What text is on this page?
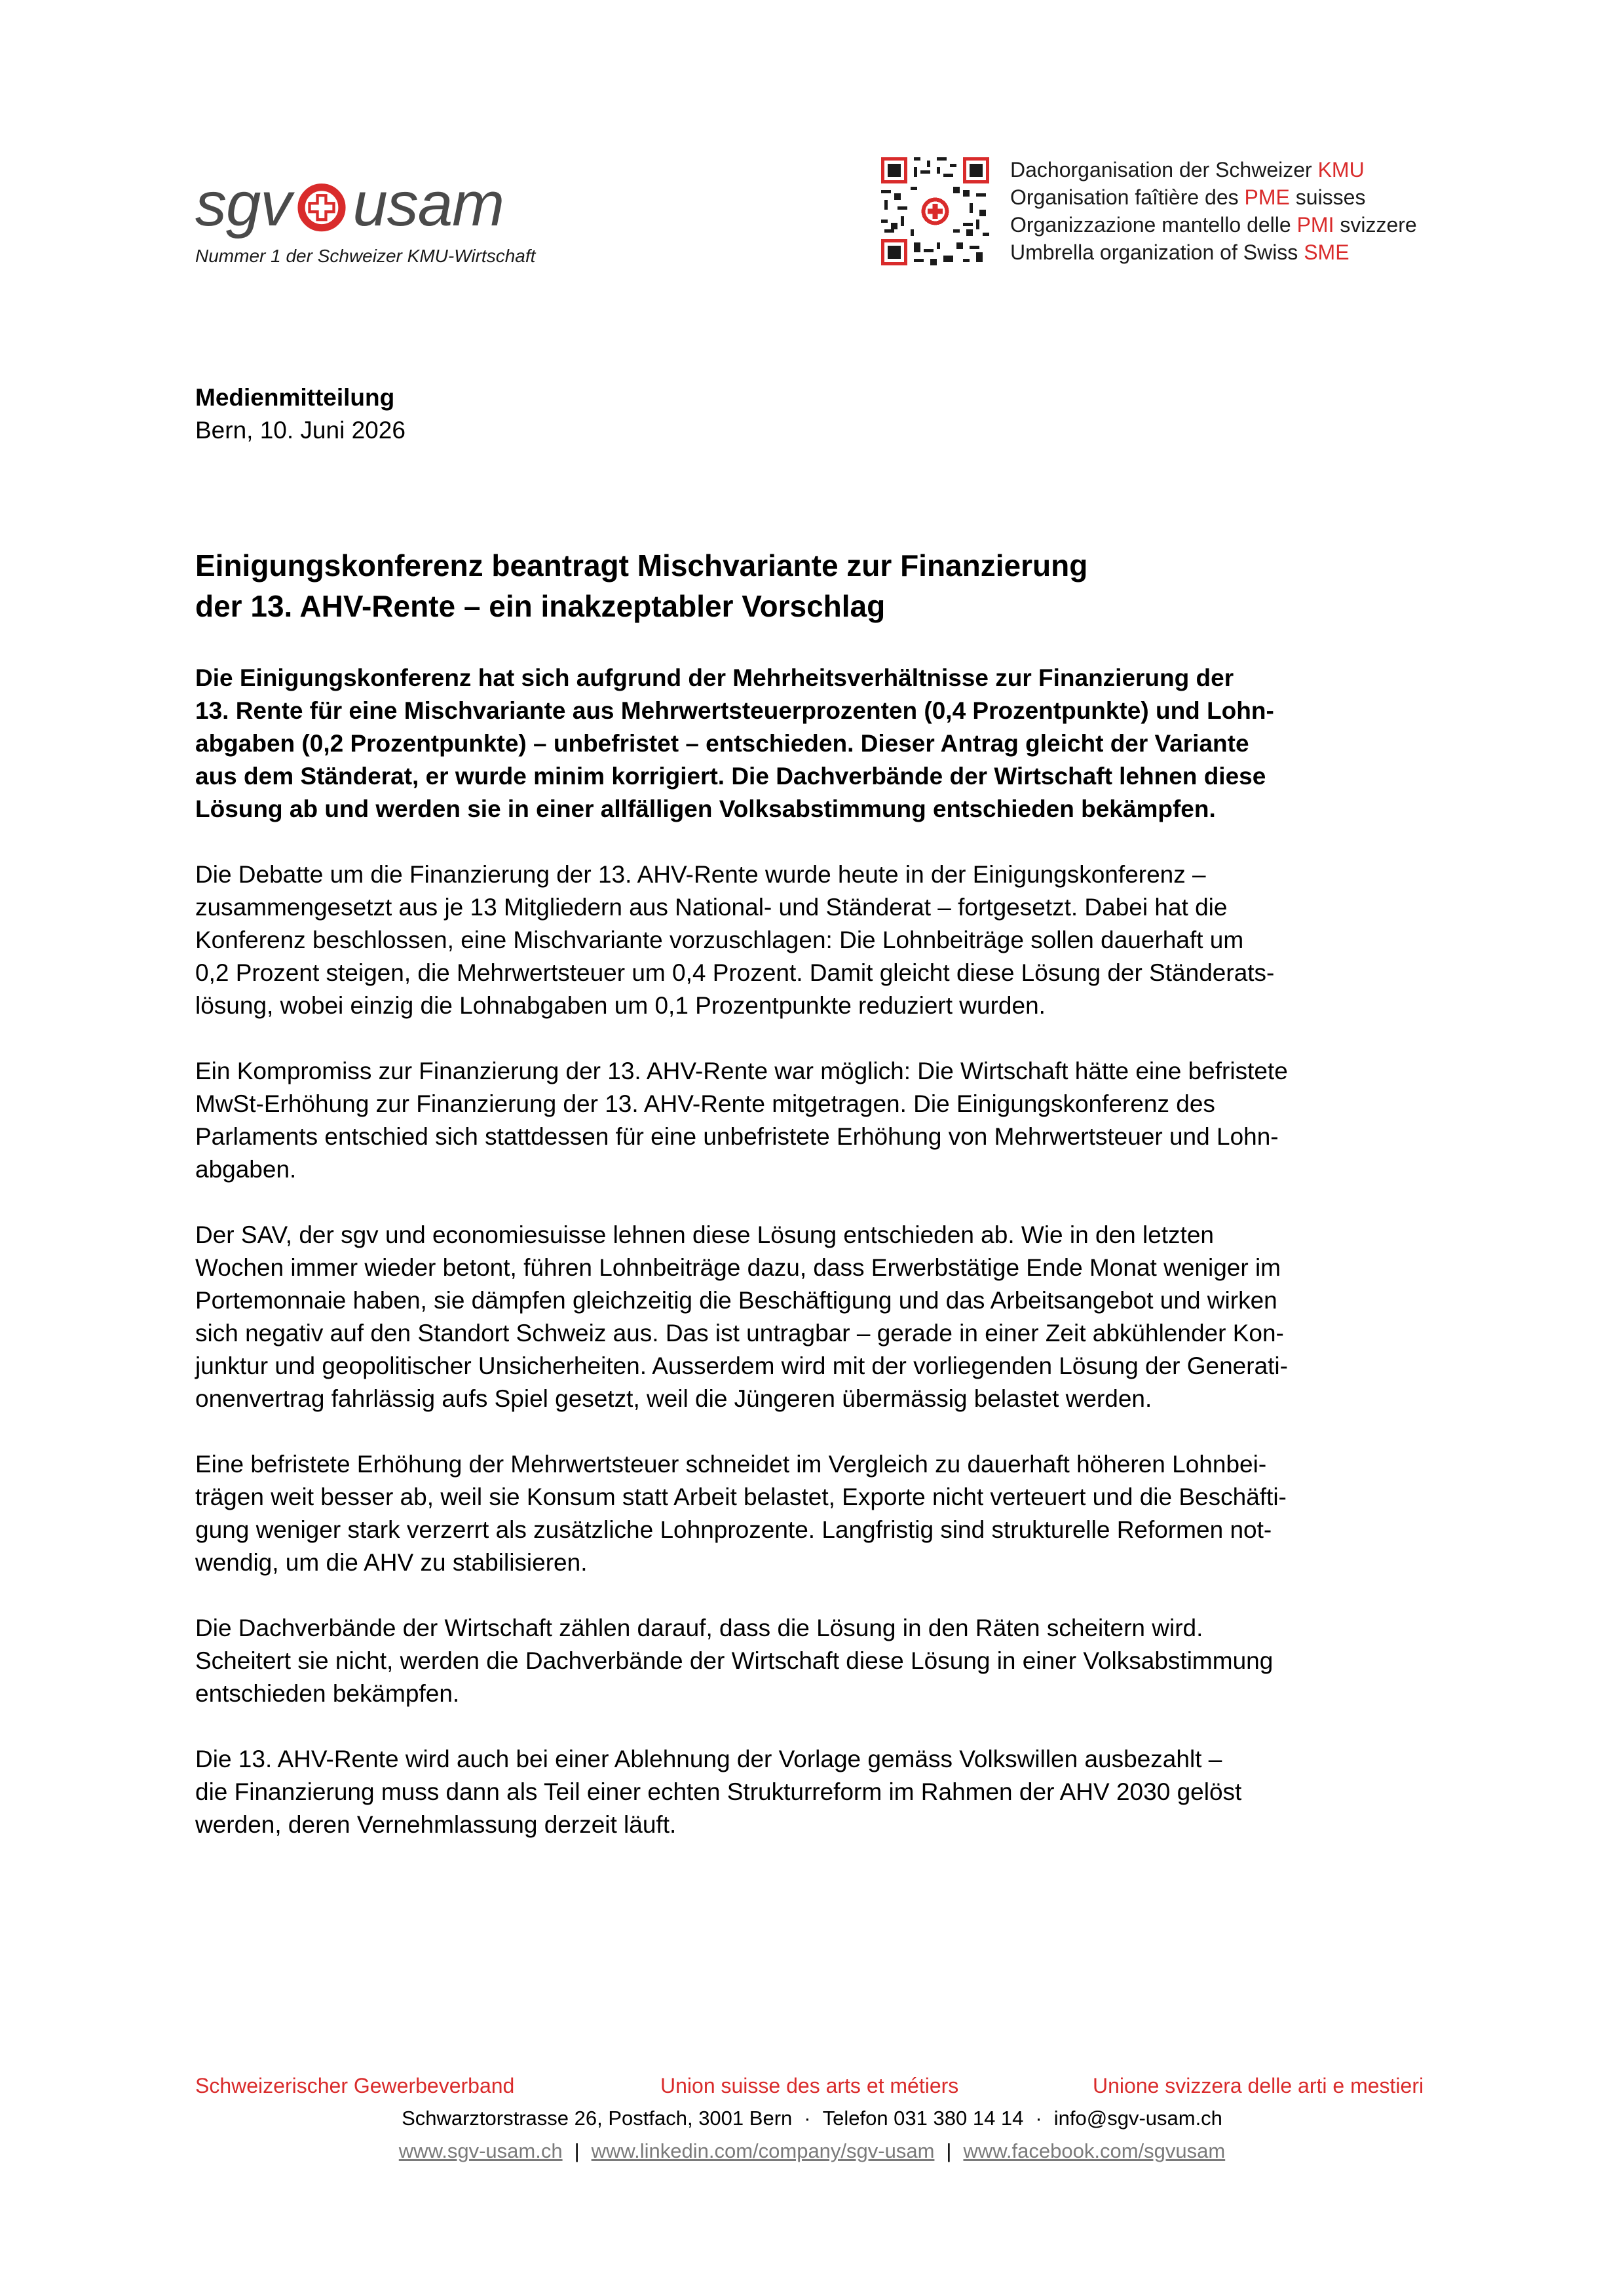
sgv usam
Nummer 1 der Schweizer KMU-Wirtschaft
Dachorganisation der Schweizer KMU
Organisation faîtière des PME suisses
Organizzazione mantello delle PMI svizzere
Umbrella organization of Swiss SME
Medienmitteilung
Bern, 10. Juni 2026
Einigungskonferenz beantragt Mischvariante zur Finanzierung
der 13. AHV-Rente – ein inakzeptabler Vorschlag
Die Einigungskonferenz hat sich aufgrund der Mehrheitsverhältnisse zur Finanzierung der
13. Rente für eine Mischvariante aus Mehrwertsteuerprozenten (0,4 Prozentpunkte) und Lohn-
abgaben (0,2 Prozentpunkte) – unbefristet – entschieden. Dieser Antrag gleicht der Variante
aus dem Ständerat, er wurde minim korrigiert. Die Dachverbände der Wirtschaft lehnen diese
Lösung ab und werden sie in einer allfälligen Volksabstimmung entschieden bekämpfen.
Die Debatte um die Finanzierung der 13. AHV-Rente wurde heute in der Einigungskonferenz –
zusammengesetzt aus je 13 Mitgliedern aus National- und Ständerat – fortgesetzt. Dabei hat die
Konferenz beschlossen, eine Mischvariante vorzuschlagen: Die Lohnbeiträge sollen dauerhaft um
0,2 Prozent steigen, die Mehrwertsteuer um 0,4 Prozent. Damit gleicht diese Lösung der Ständerats-
lösung, wobei einzig die Lohnabgaben um 0,1 Prozentpunkte reduziert wurden.
Ein Kompromiss zur Finanzierung der 13. AHV-Rente war möglich: Die Wirtschaft hätte eine befristete
MwSt-Erhöhung zur Finanzierung der 13. AHV-Rente mitgetragen. Die Einigungskonferenz des
Parlaments entschied sich stattdessen für eine unbefristete Erhöhung von Mehrwertsteuer und Lohn-
abgaben.
Der SAV, der sgv und economiesuisse lehnen diese Lösung entschieden ab. Wie in den letzten
Wochen immer wieder betont, führen Lohnbeiträge dazu, dass Erwerbstätige Ende Monat weniger im
Portemonnaie haben, sie dämpfen gleichzeitig die Beschäftigung und das Arbeitsangebot und wirken
sich negativ auf den Standort Schweiz aus. Das ist untragbar – gerade in einer Zeit abkühlender Kon-
junktur und geopolitischer Unsicherheiten. Ausserdem wird mit der vorliegenden Lösung der Generati-
onenvertrag fahrlässig aufs Spiel gesetzt, weil die Jüngeren übermässig belastet werden.
Eine befristete Erhöhung der Mehrwertsteuer schneidet im Vergleich zu dauerhaft höheren Lohnbei-
trägen weit besser ab, weil sie Konsum statt Arbeit belastet, Exporte nicht verteuert und die Beschäfti-
gung weniger stark verzerrt als zusätzliche Lohnprozente. Langfristig sind strukturelle Reformen not-
wendig, um die AHV zu stabilisieren.
Die Dachverbände der Wirtschaft zählen darauf, dass die Lösung in den Räten scheitern wird.
Scheitert sie nicht, werden die Dachverbände der Wirtschaft diese Lösung in einer Volksabstimmung
entschieden bekämpfen.
Die 13. AHV-Rente wird auch bei einer Ablehnung der Vorlage gemäss Volkswillen ausbezahlt –
die Finanzierung muss dann als Teil einer echten Strukturreform im Rahmen der AHV 2030 gelöst
werden, deren Vernehmlassung derzeit läuft.
Schweizerischer Gewerbeverband	Union suisse des arts et métiers	Unione svizzera delle arti e mestieri
Schwarztorstrasse 26, Postfach, 3001 Bern · Telefon 031 380 14 14 · info@sgv-usam.ch
www.sgv-usam.ch | www.linkedin.com/company/sgv-usam | www.facebook.com/sgvusam
